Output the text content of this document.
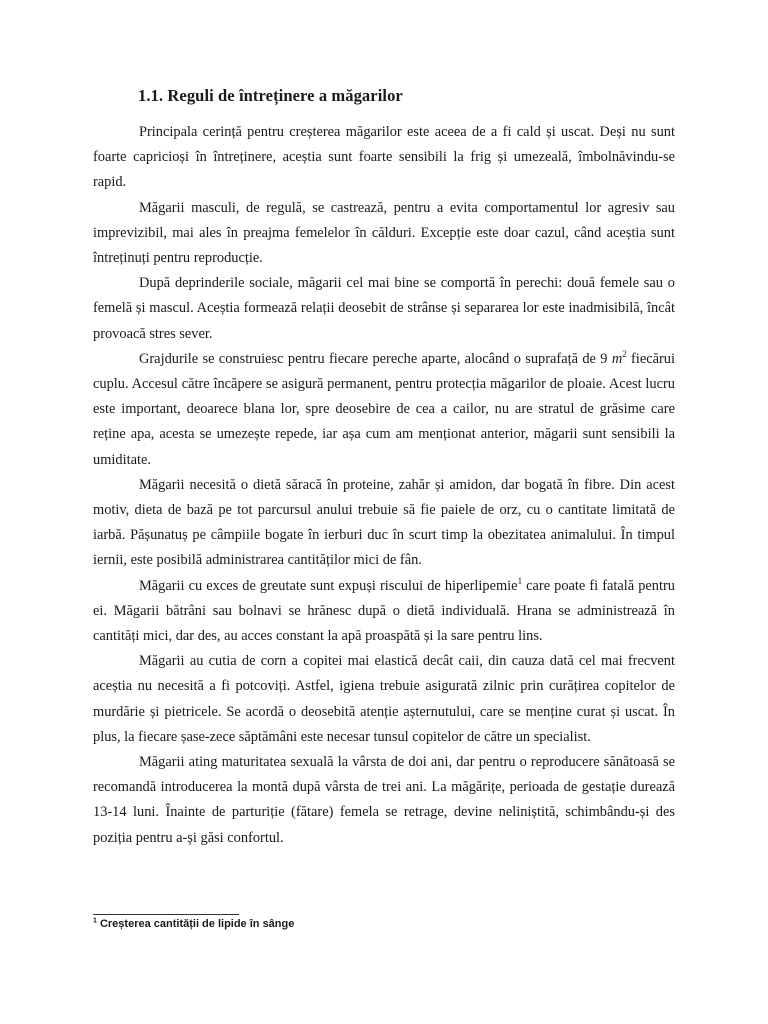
1.1. Reguli de întreținere a măgarilor

Principala cerință pentru creșterea măgarilor este aceea de a fi cald și uscat. Deși nu sunt foarte capricioși în întreținere, aceștia sunt foarte sensibili la frig și umezeală, îmbolnăvindu-se rapid.

Măgarii masculi, de regulă, se castrează, pentru a evita comportamentul lor agresiv sau imprevizibil, mai ales în preajma femelelor în călduri. Excepție este doar cazul, când aceștia sunt întreținuți pentru reproducție.

După deprinderile sociale, măgarii cel mai bine se comportă în perechi: două femele sau o femelă și mascul. Aceștia formează relații deosebit de strânse și separarea lor este inadmisibilă, încât provoacă stres sever.

Grajdurile se construiesc pentru fiecare pereche aparte, alocând o suprafață de 9 $m^2$ fiecărui cuplu. Accesul către încăpere se asigură permanent, pentru protecția măgarilor de ploaie. Acest lucru este important, deoarece blana lor, spre deosebire de cea a cailor, nu are stratul de grăsime care reține apa, acesta se umezește repede, iar așa cum am menționat anterior, măgarii sunt sensibili la umiditate.

Măgarii necesită o dietă săracă în proteine, zahăr și amidon, dar bogată în fibre. Din acest motiv, dieta de bază pe tot parcursul anului trebuie să fie paiele de orz, cu o cantitate limitată de iarbă. Pășunatuș pe câmpiile bogate în ierburi duc în scurt timp la obezitatea animalului. În timpul iernii, este posibilă administrarea cantităților mici de fân.

Măgarii cu exces de greutate sunt expuși riscului de hiperlipemie$^1$ care poate fi fatală pentru ei. Măgarii bătrâni sau bolnavi se hrănesc după o dietă individuală. Hrana se administrează în cantități mici, dar des, au acces constant la apă proaspătă și la sare pentru lins.

Măgarii au cutia de corn a copitei mai elastică decât caii, din cauza dată cel mai frecvent aceștia nu necesită a fi potcoviți. Astfel, igiena trebuie asigurată zilnic prin curățirea copitelor de murdărie și pietricele. Se acordă o deosebită atenție așternutului, care se menține curat și uscat. În plus, la fiecare șase-zece săptămâni este necesar tunsul copitelor de către un specialist.

Măgarii ating maturitatea sexuală la vârsta de doi ani, dar pentru o reproducere sănătoasă se recomandă introducerea la montă după vârsta de trei ani. La măgărițe, perioada de gestație durează 13-14 luni. Înainte de parturiție (fătare) femela se retrage, devine neliniștită, schimbându-și des poziția pentru a-și găsi confortul.

$^1$ Creșterea cantității de lipide în sânge
